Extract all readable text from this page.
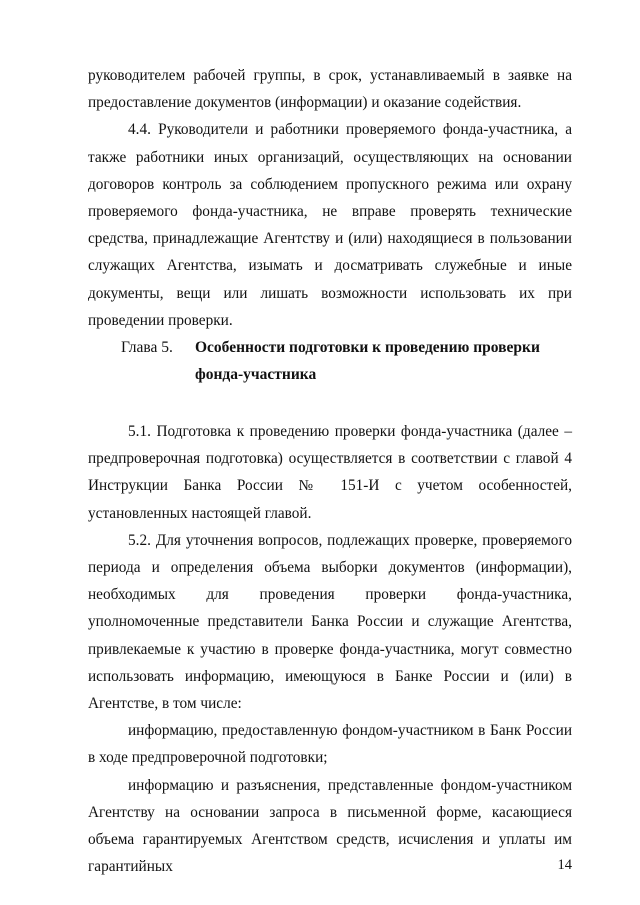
руководителем рабочей группы, в срок, устанавливаемый в заявке на предоставление документов (информации) и оказание содействия.

4.4. Руководители и работники проверяемого фонда-участника, а также работники иных организаций, осуществляющих на основании договоров контроль за соблюдением пропускного режима или охрану проверяемого фонда-участника, не вправе проверять технические средства, принадлежащие Агентству и (или) находящиеся в пользовании служащих Агентства, изымать и досматривать служебные и иные документы, вещи или лишать возможности использовать их при проведении проверки.

Глава 5. Особенности подготовки к проведению проверки
фонда-участника

5.1. Подготовка к проведению проверки фонда-участника (далее – предпроверочная подготовка) осуществляется в соответствии с главой 4 Инструкции Банка России № 151-И с учетом особенностей, установленных настоящей главой.

5.2. Для уточнения вопросов, подлежащих проверке, проверяемого периода и определения объема выборки документов (информации), необходимых для проведения проверки фонда-участника, уполномоченные представители Банка России и служащие Агентства, привлекаемые к участию в проверке фонда-участника, могут совместно использовать информацию, имеющуюся в Банке России и (или) в Агентстве, в том числе:

информацию, предоставленную фондом-участником в Банк России в ходе предпроверочной подготовки;

информацию и разъяснения, представленные фондом-участником Агентству на основании запроса в письменной форме, касающиеся объема гарантируемых Агентством средств, исчисления и уплаты им гарантийных	14
